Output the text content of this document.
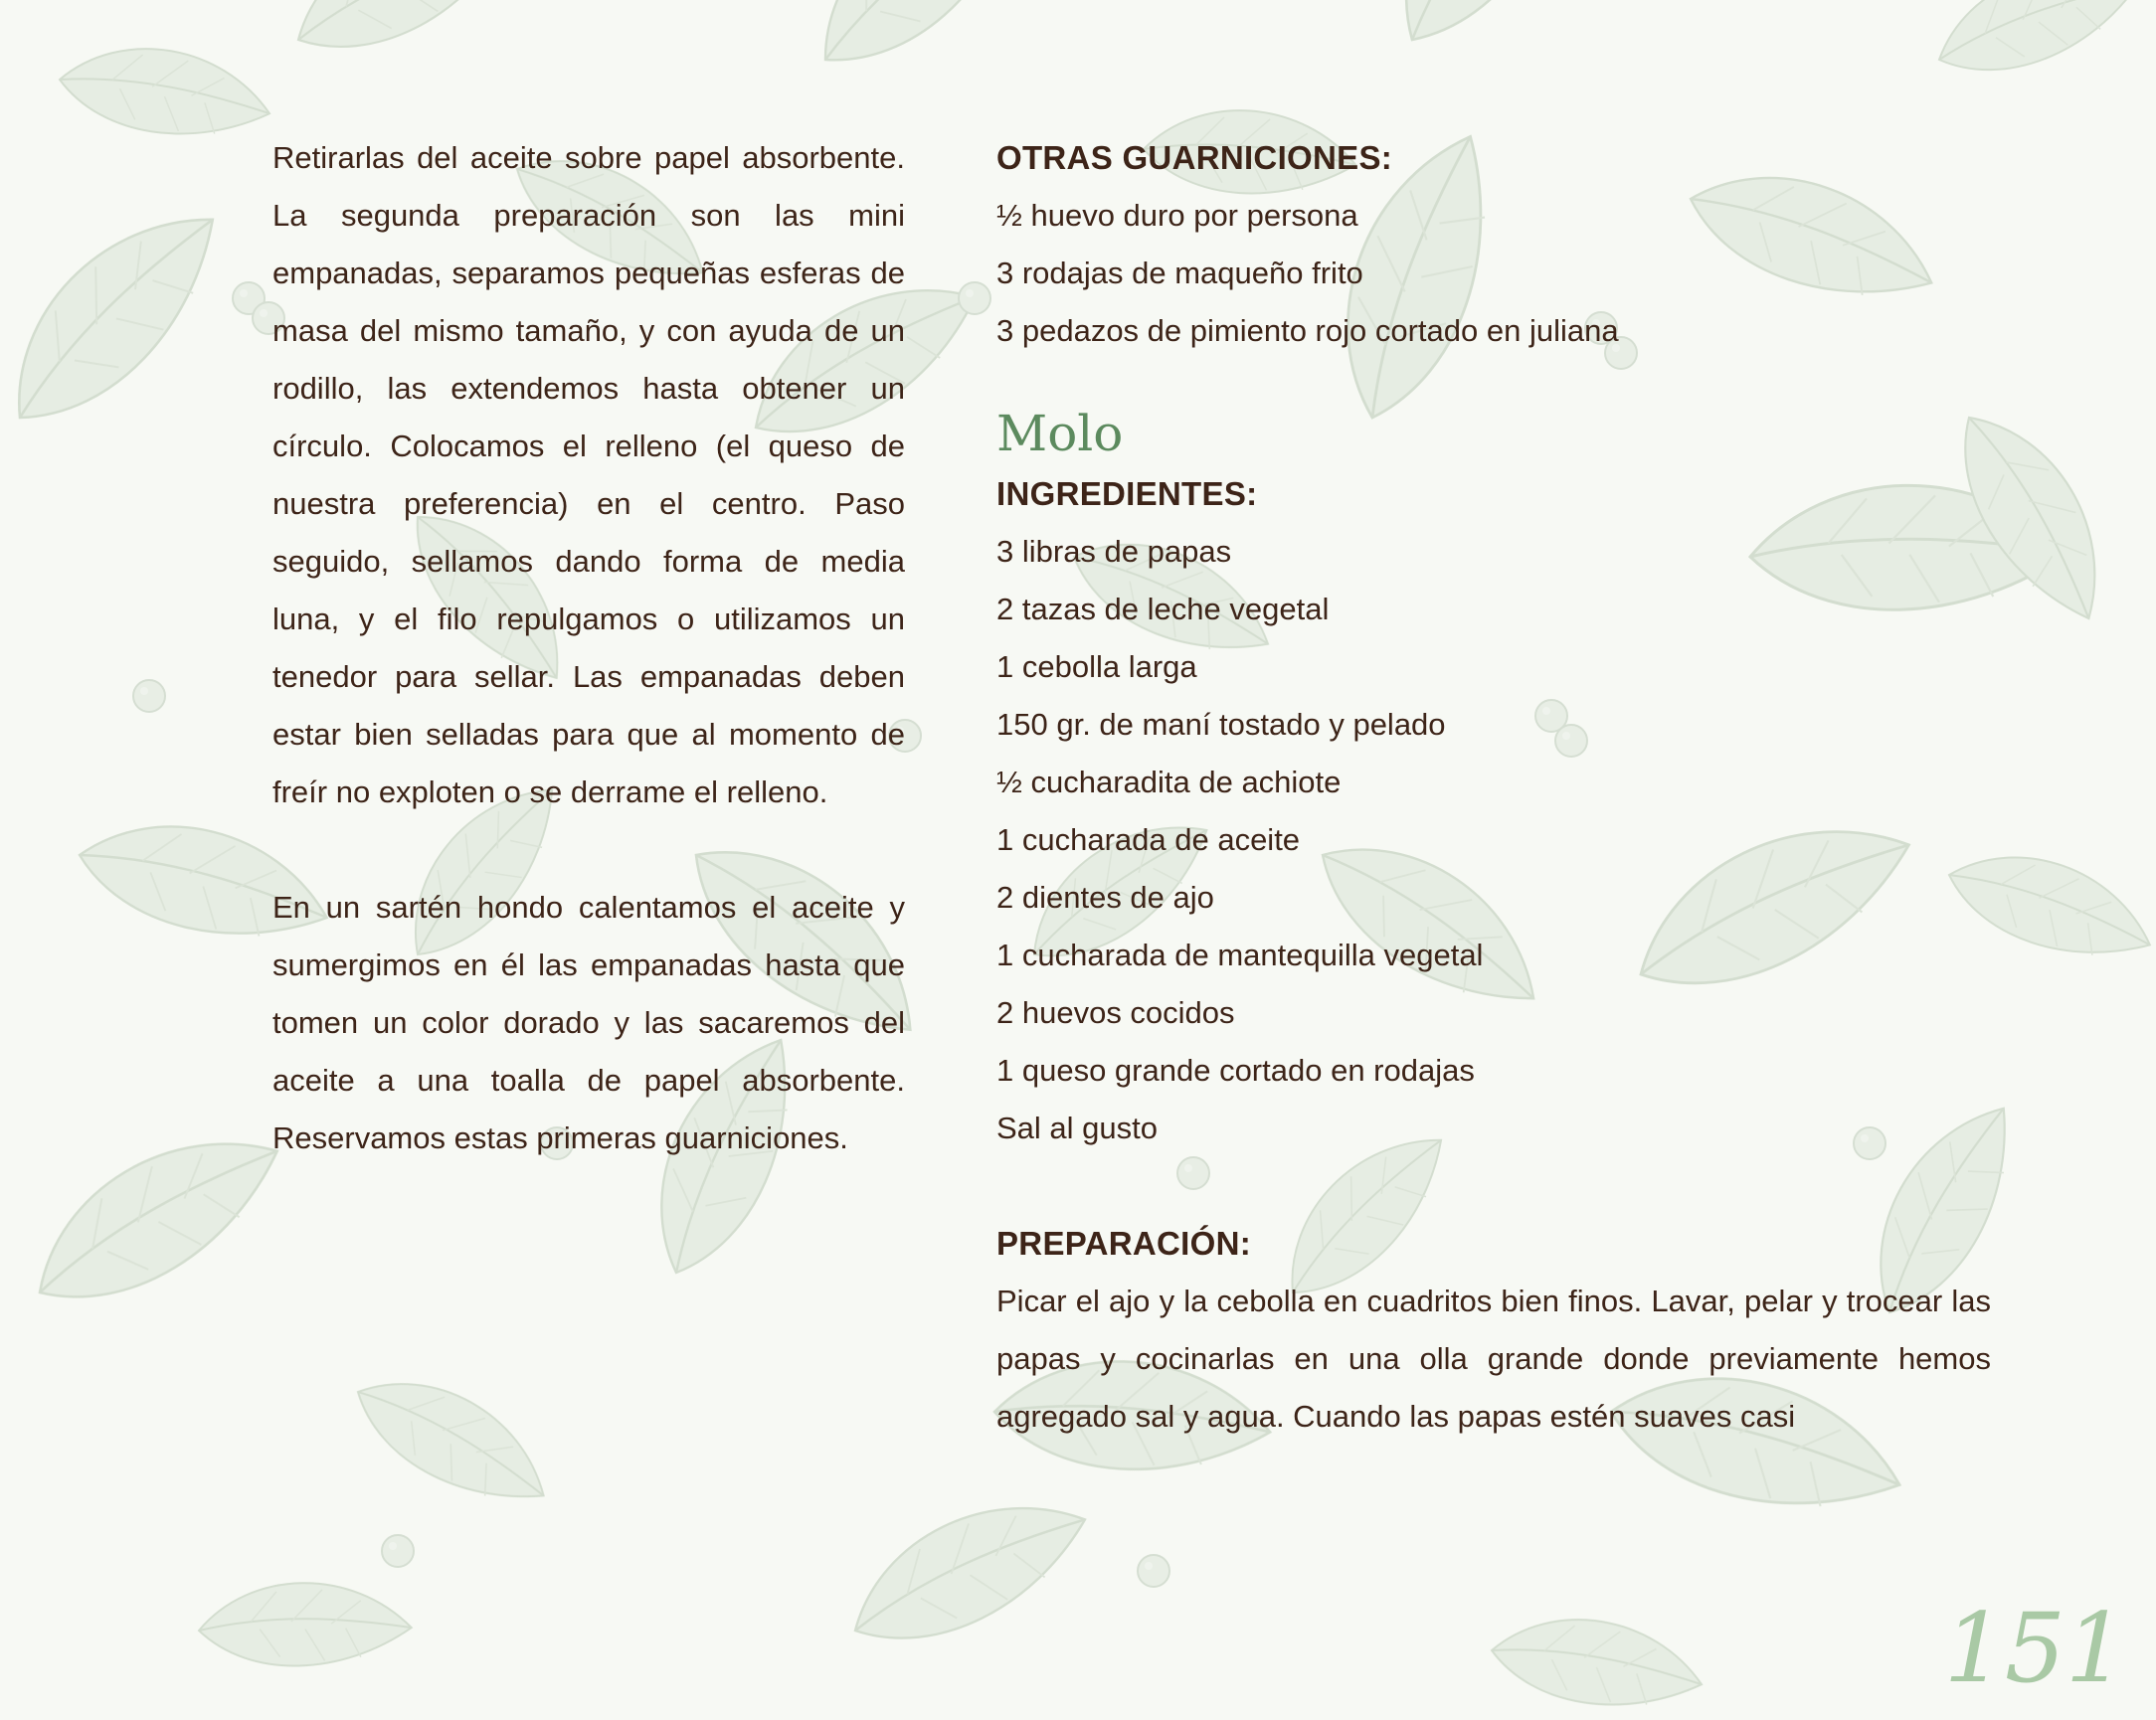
Retirarlas del aceite sobre papel absorbente. La segunda preparación son las mini empanadas, separamos pequeñas esferas de masa del mismo tamaño, y con ayuda de un rodillo, las extendemos hasta obtener un círculo. Colocamos el relleno (el queso de nuestra preferencia) en el centro. Paso seguido, sellamos dando forma de media luna, y el filo repulgamos o utilizamos un tenedor para sellar. Las empanadas deben estar bien selladas para que al momento de freír no exploten o se derrame el relleno.

En un sartén hondo calentamos el aceite y sumergimos en él las empanadas hasta que tomen un color dorado y las sacaremos del aceite a una toalla de papel absorbente. Reservamos estas primeras guarniciones.

OTRAS GUARNICIONES:
½ huevo duro por persona
3 rodajas de maqueño frito
3 pedazos de pimiento rojo cortado en juliana
Molo
INGREDIENTES:
3 libras de papas
2 tazas de leche vegetal
1 cebolla larga
150 gr. de maní tostado y pelado
½ cucharadita de achiote
1 cucharada de aceite
2 dientes de ajo
1 cucharada de mantequilla vegetal
2 huevos cocidos
1 queso grande cortado en rodajas
Sal al gusto
PREPARACIÓN:

Picar el ajo y la cebolla en cuadritos bien finos. Lavar, pelar y trocear las papas y cocinarlas en una olla grande donde previamente hemos agregado sal y agua. Cuando las papas estén suaves casi

151
